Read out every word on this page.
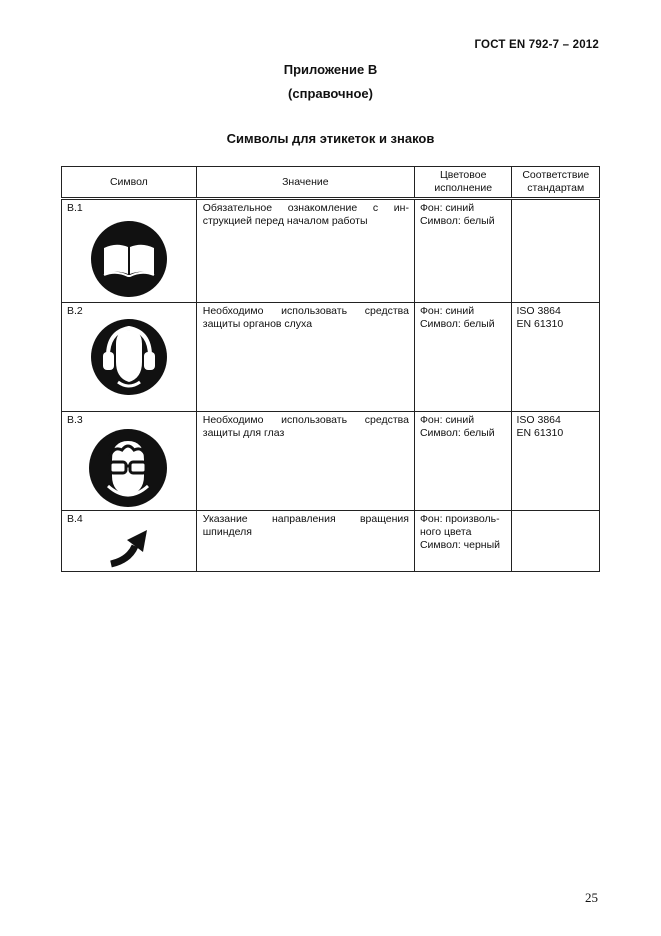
ГОСТ EN 792-7 – 2012
Приложение В
(справочное)
Символы для этикеток и знаков
Символ	Значение	Цветовое
исполнение	Соответствие
стандартам

В.1	Обязательное ознакомление с ин-струкцией перед началом работы	Фон: синий
Символ: белый	

В.2	Необходимо использовать средства защиты органов слуха	Фон: синий
Символ: белый	ISO 3864
EN 61310

В.3	Необходимо использовать средства защиты для глаз	Фон: синий
Символ: белый	ISO 3864
EN 61310

В.4	Указание направления вращения шпинделя	Фон: произволь-
ного цвета
Символ: черный	

25
